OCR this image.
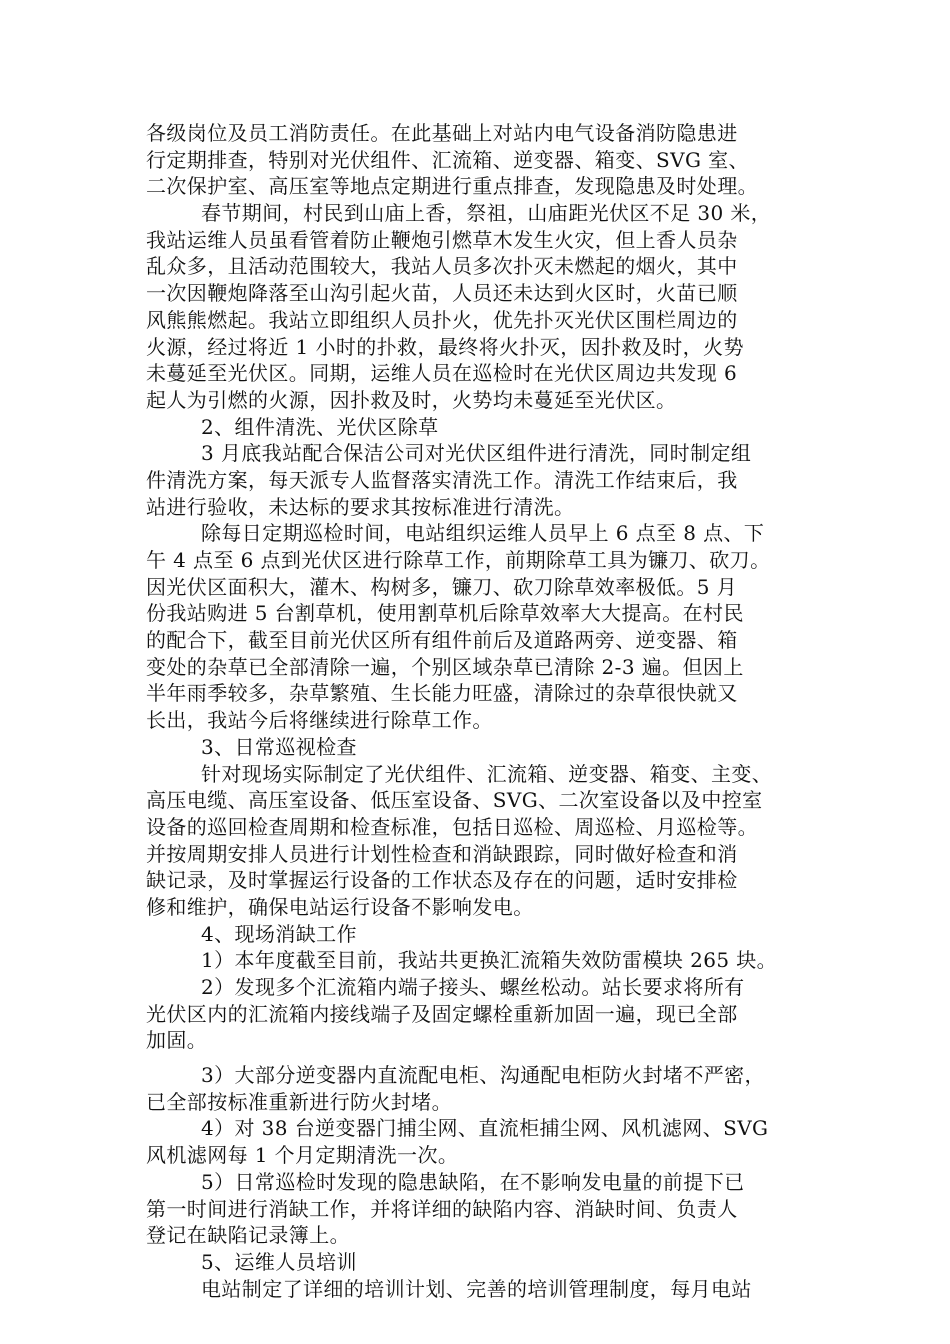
各级岗位及员工消防责任。在此基础上对站内电气设备消防隐患进
行定期排查，特别对光伏组件、汇流箱、逆变器、箱变、SVG 室、
二次保护室、高压室等地点定期进行重点排查，发现隐患及时处理。
春节期间，村民到山庙上香，祭祖，山庙距光伏区不足 30 米，
我站运维人员虽看管着防止鞭炮引燃草木发生火灾，但上香人员杂
乱众多，且活动范围较大，我站人员多次扑灭未燃起的烟火，其中
一次因鞭炮降落至山沟引起火苗，人员还未达到火区时，火苗已顺
风熊熊燃起。我站立即组织人员扑火，优先扑灭光伏区围栏周边的
火源，经过将近 1 小时的扑救，最终将火扑灭，因扑救及时，火势
未蔓延至光伏区。同期，运维人员在巡检时在光伏区周边共发现 6
起人为引燃的火源，因扑救及时，火势均未蔓延至光伏区。
2、组件清洗、光伏区除草
3 月底我站配合保洁公司对光伏区组件进行清洗，同时制定组
件清洗方案，每天派专人监督落实清洗工作。清洗工作结束后，我
站进行验收，未达标的要求其按标准进行清洗。
除每日定期巡检时间，电站组织运维人员早上 6 点至 8 点、下
午 4 点至 6 点到光伏区进行除草工作，前期除草工具为镰刀、砍刀。
因光伏区面积大，灌木、构树多，镰刀、砍刀除草效率极低。5 月
份我站购进 5 台割草机，使用割草机后除草效率大大提高。在村民
的配合下，截至目前光伏区所有组件前后及道路两旁、逆变器、箱
变处的杂草已全部清除一遍，个别区域杂草已清除 2-3 遍。但因上
半年雨季较多，杂草繁殖、生长能力旺盛，清除过的杂草很快就又
长出，我站今后将继续进行除草工作。
3、日常巡视检查
针对现场实际制定了光伏组件、汇流箱、逆变器、箱变、主变、
高压电缆、高压室设备、低压室设备、SVG、二次室设备以及中控室
设备的巡回检查周期和检查标准，包括日巡检、周巡检、月巡检等。
并按周期安排人员进行计划性检查和消缺跟踪，同时做好检查和消
缺记录，及时掌握运行设备的工作状态及存在的问题，适时安排检
修和维护，确保电站运行设备不影响发电。
4、现场消缺工作
1）本年度截至目前，我站共更换汇流箱失效防雷模块 265 块。
2）发现多个汇流箱内端子接头、螺丝松动。站长要求将所有
光伏区内的汇流箱内接线端子及固定螺栓重新加固一遍，现已全部
加固。
3）大部分逆变器内直流配电柜、沟通配电柜防火封堵不严密，
已全部按标准重新进行防火封堵。
4）对 38 台逆变器门捕尘网、直流柜捕尘网、风机滤网、SVG
风机滤网每 1 个月定期清洗一次。
5）日常巡检时发现的隐患缺陷，在不影响发电量的前提下已
第一时间进行消缺工作，并将详细的缺陷内容、消缺时间、负责人
登记在缺陷记录簿上。
5、运维人员培训
电站制定了详细的培训计划、完善的培训管理制度，每月电站
